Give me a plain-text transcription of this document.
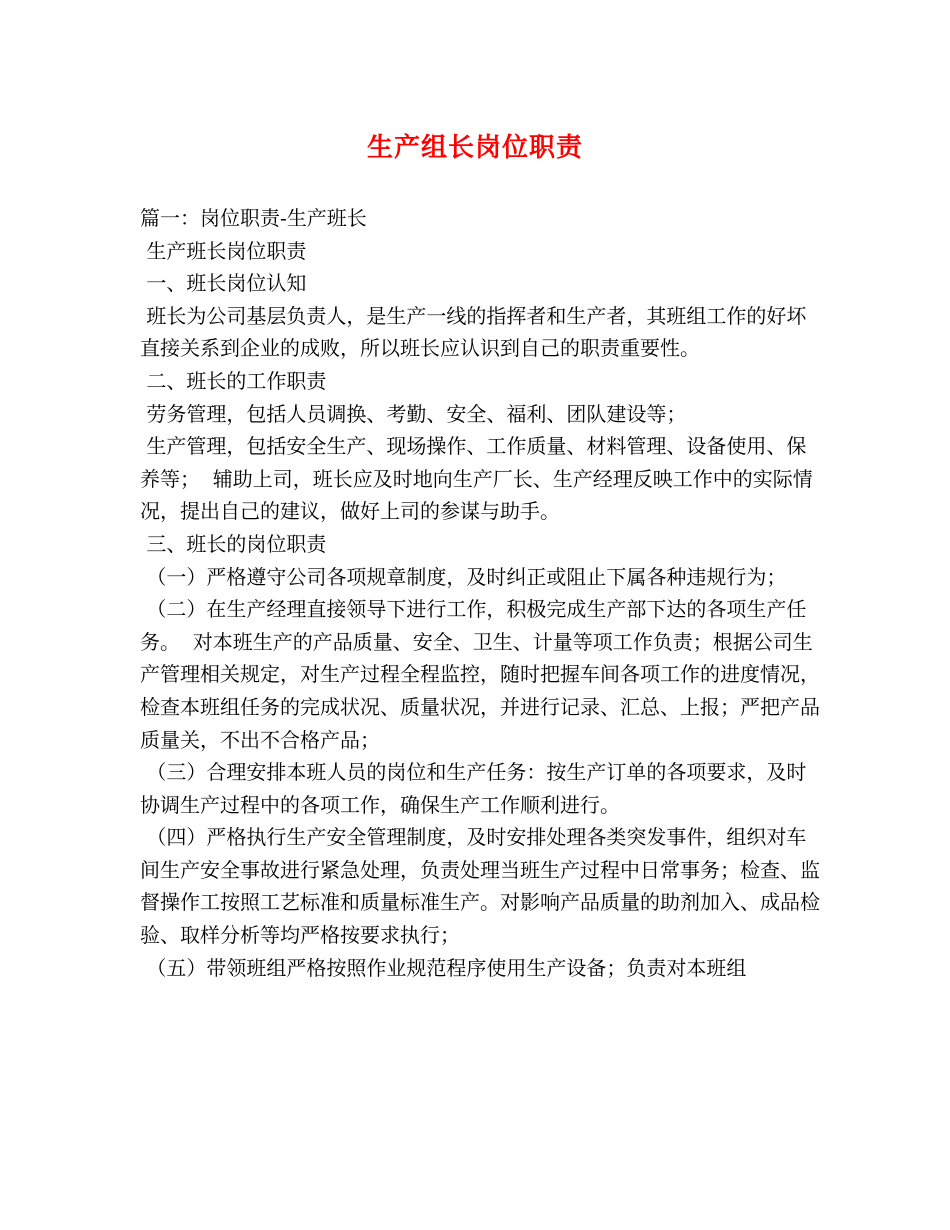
生产组长岗位职责

篇一：岗位职责-生产班长

生产班长岗位职责

一、班长岗位认知

班长为公司基层负责人，是生产一线的指挥者和生产者，其班组工作的好坏直接关系到企业的成败，所以班长应认识到自己的职责重要性。

二、班长的工作职责

劳务管理，包括人员调换、考勤、安全、福利、团队建设等；

生产管理，包括安全生产、现场操作、工作质量、材料管理、设备使用、保养等；  辅助上司，班长应及时地向生产厂长、生产经理反映工作中的实际情况，提出自己的建议，做好上司的参谋与助手。

三、班长的岗位职责

（一）严格遵守公司各项规章制度，及时纠正或阻止下属各种违规行为；

（二）在生产经理直接领导下进行工作，积极完成生产部下达的各项生产任务。  对本班生产的产品质量、安全、卫生、计量等项工作负责；根据公司生产管理相关规定，对生产过程全程监控，随时把握车间各项工作的进度情况，检查本班组任务的完成状况、质量状况，并进行记录、汇总、上报；严把产品质量关，不出不合格产品；

（三）合理安排本班人员的岗位和生产任务：按生产订单的各项要求，及时协调生产过程中的各项工作，确保生产工作顺利进行。

（四）严格执行生产安全管理制度，及时安排处理各类突发事件，组织对车间生产安全事故进行紧急处理，负责处理当班生产过程中日常事务；检查、监督操作工按照工艺标准和质量标准生产。对影响产品质量的助剂加入、成品检验、取样分析等均严格按要求执行；

（五）带领班组严格按照作业规范程序使用生产设备；负责对本班组
